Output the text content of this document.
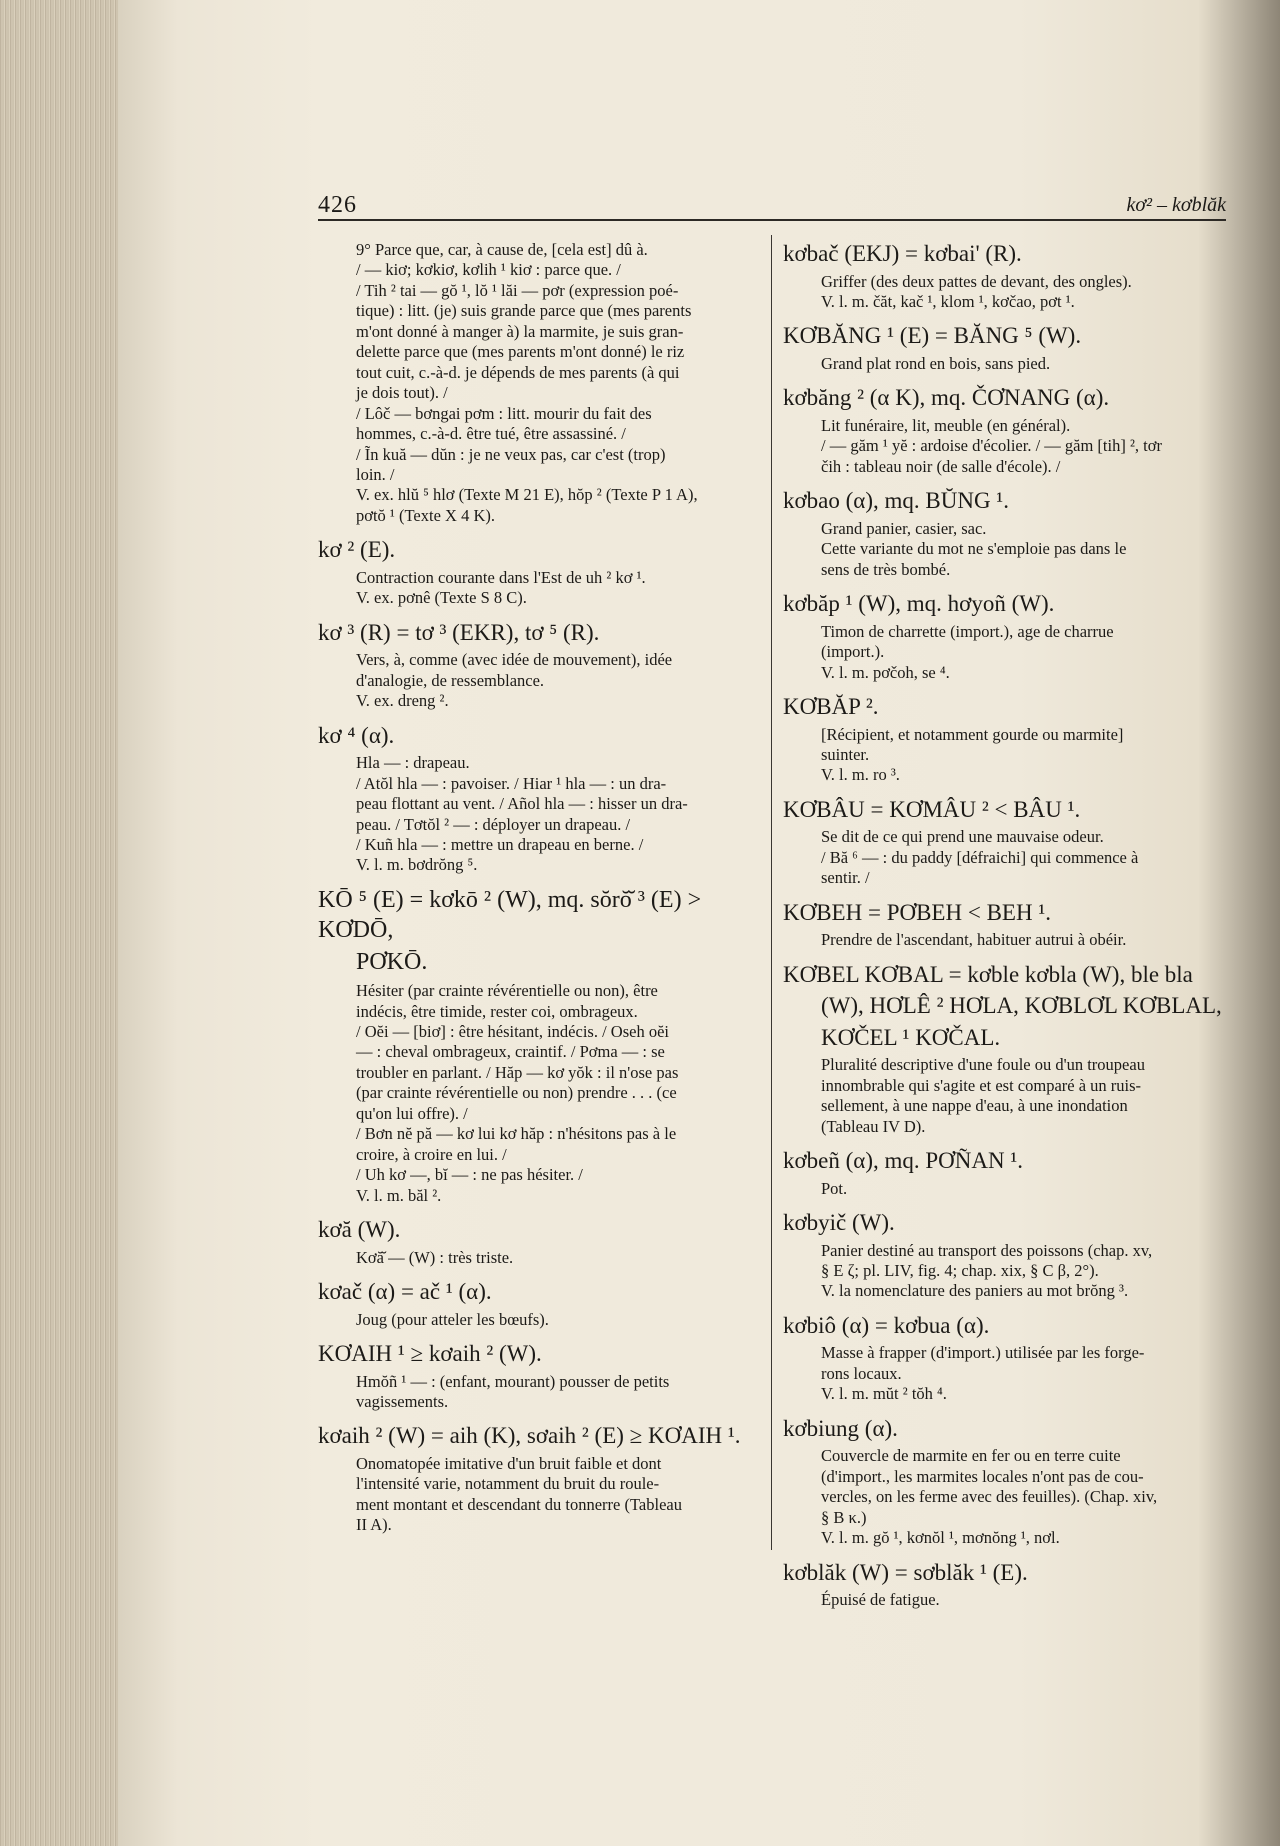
426	kơ² – kơblăk
9° Parce que, car, à cause de, [cela est] dû à.
/ — kiơ; kơkiơ, kơlih ¹ kiơ : parce que. /
/ Tih ² tai — gŏ ¹, lŏ ¹ lăi — pơr (expression poé-
tique) : litt. (je) suis grande parce que (mes parents
m'ont donné à manger à) la marmite, je suis gran-
delette parce que (mes parents m'ont donné) le riz
tout cuit, c.-à-d. je dépends de mes parents (à qui
je dois tout). /
/ Lôč — bơngai pơm : litt. mourir du fait des
hommes, c.-à-d. être tué, être assassiné. /
/ Ĩn kuă — dŭn : je ne veux pas, car c'est (trop)
loin. /
V. ex. hlŭ ⁵ hlơ (Texte M 21 E), hŏp ² (Texte P 1 A),
pơtŏ ¹ (Texte X 4 K).
kơ ² (E).
Contraction courante dans l'Est de uh ² kơ ¹.
V. ex. pơnê (Texte S 8 C).
kơ ³ (R) = tơ ³ (EKR), tơ ⁵ (R).
Vers, à, comme (avec idée de mouvement), idée
d'analogie, de ressemblance.
V. ex. dreng ².
kơ ⁴ (α).
Hla — : drapeau.
/ Atŏl hla — : pavoiser. / Hiar ¹ hla — : un dra-
peau flottant au vent. / Añol hla — : hisser un dra-
peau. / Tơtŏl ² — : déployer un drapeau. /
/ Kuñ hla — : mettre un drapeau en berne. /
V. l. m. bơdrŏng ⁵.
KŌ ⁵ (E) = kơkō ² (W), mq. sŏrŏ̆ ³ (E) > KƠDŌ,
PƠKŌ.
Hésiter (par crainte révérentielle ou non), être
indécis, être timide, rester coi, ombrageux.
/ Oĕi — [biơ] : être hésitant, indécis. / Oseh oĕi
— : cheval ombrageux, craintif. / Pơma — : se
troubler en parlant. / Hăp — kơ yŏk : il n'ose pas
(par crainte révérentielle ou non) prendre . . . (ce
qu'on lui offre). /
/ Bơn nĕ pă — kơ lui kơ hăp : n'hésitons pas à le
croire, à croire en lui. /
/ Uh kơ —, bĭ — : ne pas hésiter. /
V. l. m. băl ².
kơă (W).
Kơă̆ — (W) : très triste.
kơač (α) = ač ¹ (α).
Joug (pour atteler les bœufs).
KƠAIH ¹ ≥ kơaih ² (W).
Hmŏñ ¹ — : (enfant, mourant) pousser de petits
vagissements.
kơaih ² (W) = aih (K), sơaih ² (E) ≥ KƠAIH ¹.
Onomatopée imitative d'un bruit faible et dont
l'intensité varie, notamment du bruit du roule-
ment montant et descendant du tonnerre (Tableau
II A).
kơbač (EKJ) = kơbai' (R).
Griffer (des deux pattes de devant, des ongles).
V. l. m. čăt, kač ¹, klom ¹, kơčao, pơt ¹.
KƠBĂNG ¹ (E) = BĂNG ⁵ (W).
Grand plat rond en bois, sans pied.
kơbăng ² (α K), mq. ČƠNANG (α).
Lit funéraire, lit, meuble (en général).
/ — găm ¹ yĕ : ardoise d'écolier. / — găm [tih] ², tơr
čih : tableau noir (de salle d'école). /
kơbao (α), mq. BŬNG ¹.
Grand panier, casier, sac.
Cette variante du mot ne s'emploie pas dans le
sens de très bombé.
kơbăp ¹ (W), mq. hơyoñ (W).
Timon de charrette (import.), age de charrue
(import.).
V. l. m. pơčoh, se ⁴.
KƠBĂP ².
[Récipient, et notamment gourde ou marmite]
suinter.
V. l. m. ro ³.
KƠBÂU = KƠMÂU ² < BÂU ¹.
Se dit de ce qui prend une mauvaise odeur.
/ Bă ⁶ — : du paddy [défraichi] qui commence à
sentir. /
KƠBEH = PƠBEH < BEH ¹.
Prendre de l'ascendant, habituer autrui à obéir.
KƠBEL KƠBAL = kơble kơbla (W), ble bla
(W), HƠLÊ ² HƠLA, KƠBLƠL KƠBLAL,
KƠČEL ¹ KƠČAL.
Pluralité descriptive d'une foule ou d'un troupeau
innombrable qui s'agite et est comparé à un ruis-
sellement, à une nappe d'eau, à une inondation
(Tableau IV D).
kơbeñ (α), mq. PƠÑAN ¹.
Pot.
kơbyič (W).
Panier destiné au transport des poissons (chap. xv,
§ E ζ; pl. LIV, fig. 4; chap. xix, § C β, 2°).
V. la nomenclature des paniers au mot brŏng ³.
kơbiô (α) = kơbua (α).
Masse à frapper (d'import.) utilisée par les forge-
rons locaux.
V. l. m. mŭt ² tŏh ⁴.
kơbiung (α).
Couvercle de marmite en fer ou en terre cuite
(d'import., les marmites locales n'ont pas de cou-
vercles, on les ferme avec des feuilles). (Chap. xiv,
§ B κ.)
V. l. m. gŏ ¹, kơnŏl ¹, mơnŏng ¹, nơl.
kơblăk (W) = sơblăk ¹ (E).
Épuisé de fatigue.
